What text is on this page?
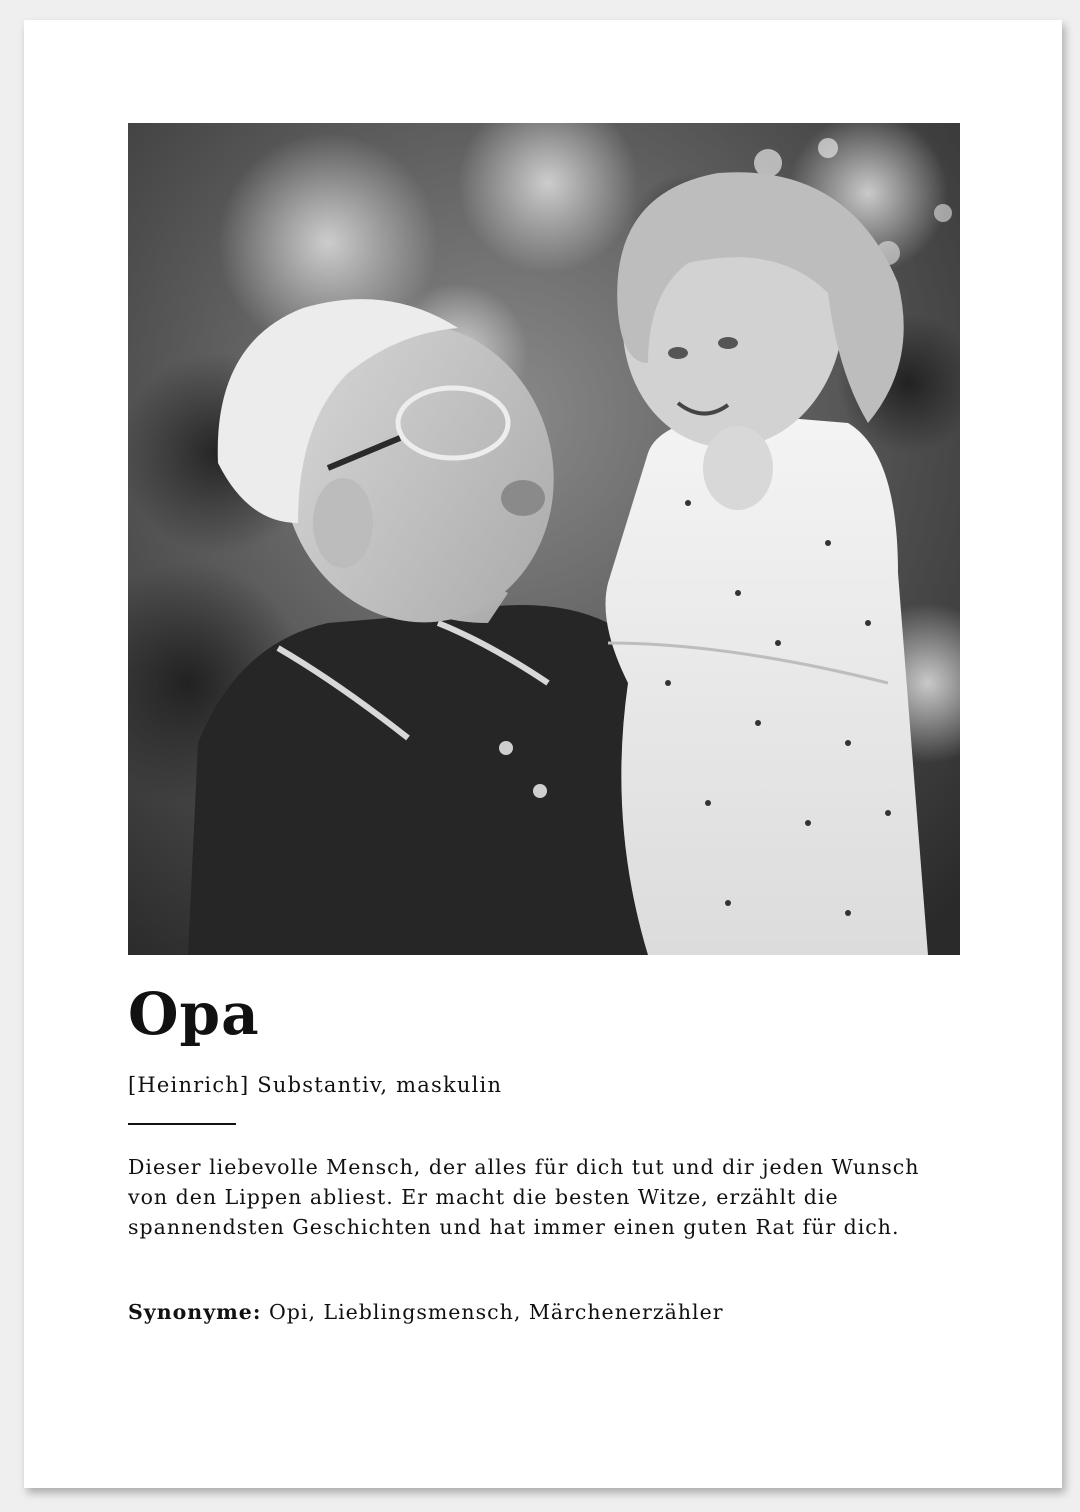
Opa
[Heinrich] Substantiv, maskulin

Dieser liebevolle Mensch, der alles für dich tut und dir jeden Wunsch von den Lippen abliest. Er macht die besten Witze, erzählt die spannendsten Geschichten und hat immer einen guten Rat für dich.

Synonyme: Opi, Lieblingsmensch, Märchenerzähler
